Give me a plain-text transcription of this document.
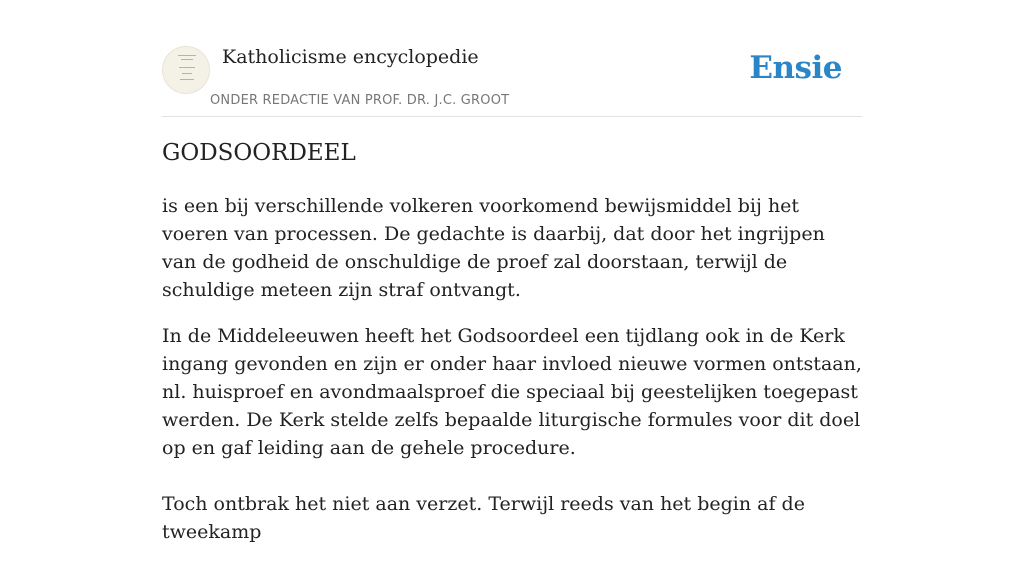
Katholicisme encyclopedie
ONDER REDACTIE VAN PROF. DR. J.C. GROOT
Ensie
GODSOORDEEL

is een bij verschillende volkeren voorkomend bewijsmiddel bij het voeren van processen. De gedachte is daarbij, dat door het ingrijpen van de godheid de onschuldige de proef zal doorstaan, terwijl de schuldige meteen zijn straf ontvangt.

In de Middeleeuwen heeft het Godsoordeel een tijdlang ook in de Kerk ingang gevonden en zijn er onder haar invloed nieuwe vormen ontstaan, nl. huisproef en avondmaalsproef die speciaal bij geestelijken toegepast werden. De Kerk stelde zelfs bepaalde liturgische formules voor dit doel op en gaf leiding aan de gehele procedure.

Toch ontbrak het niet aan verzet. Terwijl reeds van het begin af de tweekamp
